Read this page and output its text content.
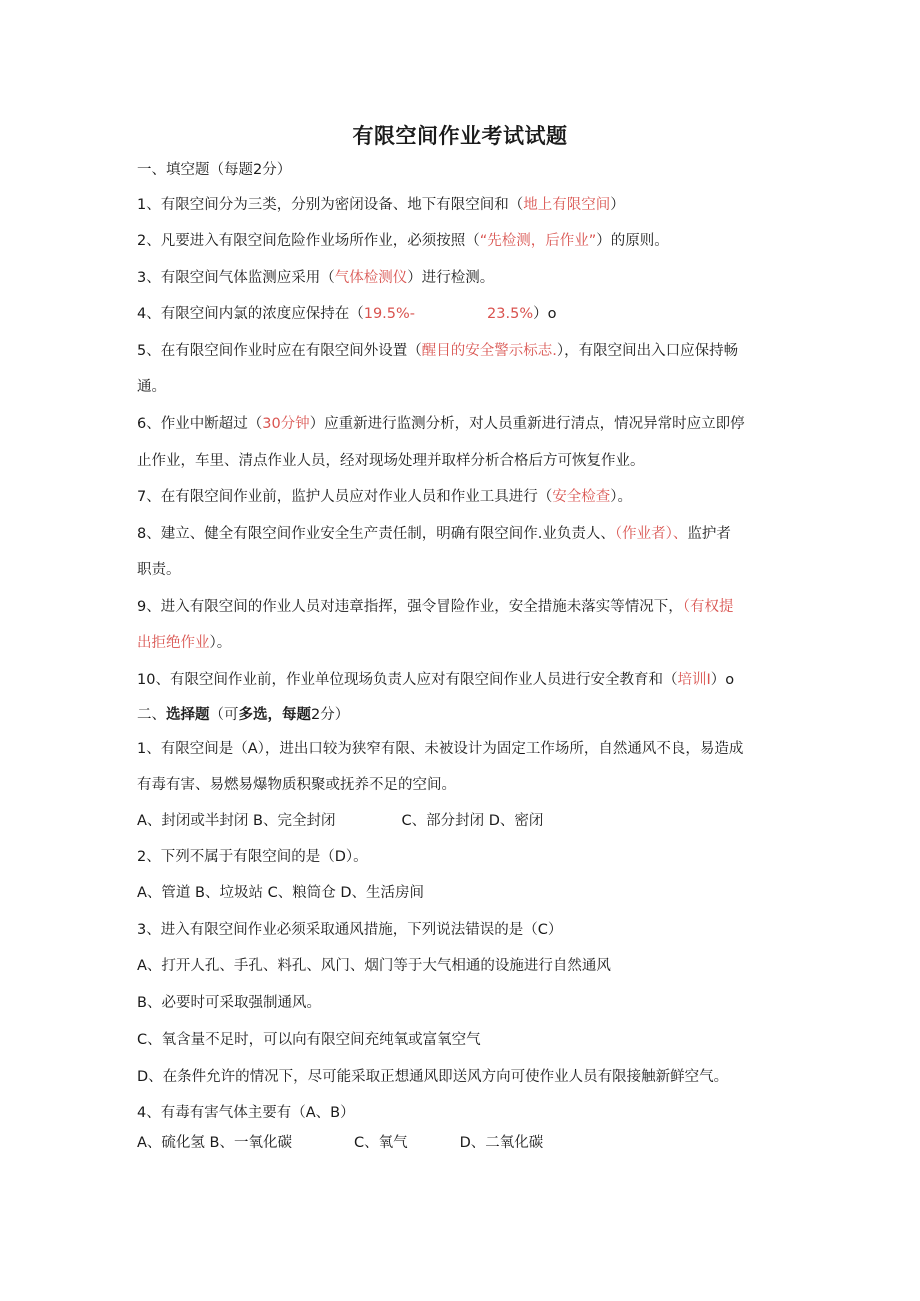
有限空间作业考试试题
一、填空题（每题2分）
1、有限空间分为三类，分别为密闭设备、地下有限空间和（地上有限空间）
2、凡要进入有限空间危险作业场所作业，必须按照（“先检测，后作业”）的原则。
3、有限空间气体监测应采用（气体检测仪）进行检测。
4、有限空间内氯的浓度应保持在（19.5%-	23.5%）o
5、在有限空间作业时应在有限空间外设置（醒目的安全警示标志.），有限空间出入口应保持畅
通。
6、作业中断超过（30分钟）应重新进行监测分析，对人员重新进行清点，情况异常时应立即停
止作业，车里、清点作业人员，经对现场处理并取样分析合格后方可恢复作业。
7、在有限空间作业前，监护人员应对作业人员和作业工具进行（安全检查）。
8、建立、健全有限空间作业安全生产责任制，明确有限空间作.业负责人、（作业者）、监护者
职责。
9、进入有限空间的作业人员对违章指挥，强令冒险作业，安全措施未落实等情况下，（有权提
出拒绝作业）。
10、有限空间作业前，作业单位现场负责人应对有限空间作业人员进行安全教育和（培训I）o
二、选择题（可多选，每题2分）
1、有限空间是（A），进出口较为狭窄有限、未被设计为固定工作场所，自然通风不良，易造成
有毒有害、易燃易爆物质积聚或抚养不足的空间。
A、封闭或半封闭 B、完全封闭	C、部分封闭 D、密闭
2、下列不属于有限空间的是（D）。
A、管道 B、垃圾站 C、粮筒仓 D、生活房间
3、进入有限空间作业必须采取通风措施，下列说法错误的是（C）
A、打开人孔、手孔、料孔、风门、烟门等于大气相通的设施进行自然通风
B、必要时可采取强制通风。
C、氧含量不足时，可以向有限空间充纯氧或富氧空气
D、在条件允许的情况下，尽可能采取正想通风即送风方向可使作业人员有限接触新鲜空气。
4、有毒有害气体主要有（A、B）
A、硫化氢 B、一氧化碳	C、氧气	D、二氧化碳
